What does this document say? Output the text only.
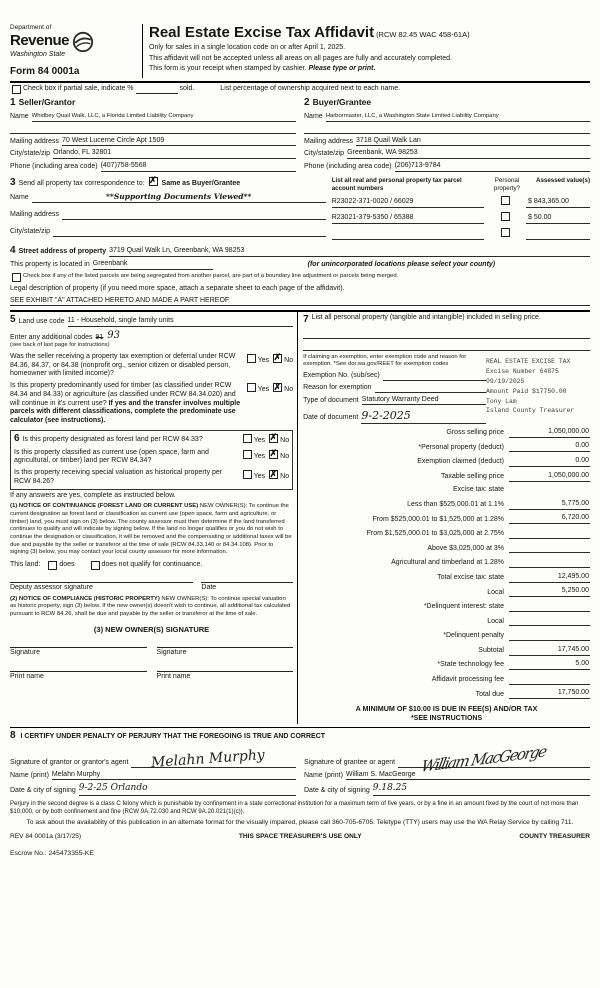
Department of
Revenue
Washington State
Form 84 0001a
Real Estate Excise Tax Affidavit (RCW 82.45 WAC 458-61A)
Only for sales in a single location code on or after April 1, 2025.
This affidavit will not be accepted unless all areas on all pages are fully and accurately completed.
This form is your receipt when stamped by cashier. Please type or print.
Check box if partial sale, indicate %	sold.	List percentage of ownership acquired next to each name.
1 Seller/Grantor
Name Whidbey Quail Walk, LLC, a Florida Limited Liability Company
Mailing address 70 West Lucerne Circle Apt 1509
City/state/zip Orlando, FL 32801
Phone (including area code) (407)758-5568
2 Buyer/Grantee
Name Harbormaster, LLC, a Washington State Limited Liability Company
Mailing address 3718 Quail Walk Lan
City/state/zip Greenbank, WA 98253
Phone (including area code) (206)713-9784
3 Send all property tax correspondence to: ✗ Same as Buyer/Grantee
Name	**Supporting Documents Viewed**
Mailing address
City/state/zip
List all real and personal property tax parcel account numbers
Personal property?
Assessed value(s)
R23022-371-0020 / 66029	$ 843,365.00
R23021-379-5350 / 65388	$ 50.00
4 Street address of property 3719 Quail Walk Ln, Greenbank, WA 98253
This property is located in Greenbank	(for unincorporated locations please select your county)
Check box if any of the listed parcels are being segregated from another parcel, are part of a boundary line adjustment or parcels being merged.
Legal description of property (if you need more space, attach a separate sheet to each page of the affidavit).
SEE EXHIBIT "A" ATTACHED HERETO AND MADE A PART HEREOF
5 Land use code 11 - Household, single family units
Enter any additional codes 91 93
(see back of last page for instructions)
Was the seller receiving a property tax exemption or deferral under RCW 84.36, 84.37, or 84.38 (nonprofit org., senior citizen or disabled person, homeowner with limited income)?
Yes ✗ No
Is this property predominantly used for timber (as classified under RCW 84.34 and 84.33) or agriculture (as classified under RCW 84.34.020) and will continue in it's current use? If yes and the transfer involves multiple parcels with different classifications, complete the predominate use calculator (see instructions).
Yes ✗ No
6 Is this property designated as forest land per RCW 84.33?	Yes ✗ No
Is this property classified as current use (open space, farm and agricultural, or timber) land per RCW 84.34?
Yes ✗ No
Is this property receiving special valuation as historical property per RCW 84.26?
Yes ✗ No
If any answers are yes, complete as instructed below.
(1) NOTICE OF CONTINUANCE (FOREST LAND OR CURRENT USE) NEW OWNER(S): To continue the current designation as forest land or classification as current use (open space, farm and agriculture, or timber) land, you must sign on (3) below. The county assessor must then determine if the land transferred continues to qualify and will indicate by signing below. If the land no longer qualifies or you do not wish to continue the designation or classification, it will be removed and the compensating or additional taxes will be due and payable by the seller or transferor at the time of sale (RCW 84.33.140 or 84.34.108). Prior to signing (3) below, you may contact your local county assessor for more information.
This land:	does	does not qualify for continuance.
Deputy assessor signature	Date
(2) NOTICE OF COMPLIANCE (HISTORIC PROPERTY) NEW OWNER(S): To continue special valuation as historic property, sign (3) below. If the new owner(s) doesn't wish to continue, all additional tax calculated pursuant to RCW 84.26, shall be due and payable by the seller or transferor at the time of sale.
(3) NEW OWNER(S) SIGNATURE
Signature	Signature
Print name	Print name
7 List all personal property (tangible and intangible) included in selling price.
If claiming an exemption, enter exemption code and reason for exemption. *See dor.wa.gov/REET for exemption codes
Exemption No. (sub/sec)
Reason for exemption
Type of document Statutory Warranty Deed
Date of document 9-2-2025
REAL ESTATE EXCISE TAX
Excise Number 64875
09/19/2025
Amount Paid $17750.00
Tony Lam
Island County Treasurer
Gross selling price	1,050,000.00
*Personal property (deduct)	0.00
Exemption claimed (deduct)	0.00
Taxable selling price	1,050,000.00
Excise tax: state
Less than $525,000.01 at 1.1%	5,775.00
From $525,000.01 to $1,525,000 at 1.28%	6,720.00
From $1,525,000.01 to $3,025,000 at 2.75%
Above $3,025,000 at 3%
Agricultural and timberland at 1.28%
Total excise tax: state	12,495.00
Local	5,250.00
*Delinquent interest: state
Local
*Delinquent penalty
Subtotal	17,745.00
*State technology fee	5.00
Affidavit processing fee
Total due	17,750.00
A MINIMUM OF $10.00 IS DUE IN FEE(S) AND/OR TAX
*SEE INSTRUCTIONS
8 I CERTIFY UNDER PENALTY OF PERJURY THAT THE FOREGOING IS TRUE AND CORRECT
Signature of grantor or grantor's agent Melahn Murphy
Name (print) Melahn Murphy
Date & city of signing 9-2-25 Orlando
Signature of grantee or agent William MacGeorge
Name (print) William S. MacGeorge
Date & city of signing 9.18.25
Perjury in the second degree is a class C felony which is punishable by confinement in a state correctional institution for a maximum term of five years, or by a fine in an amount fixed by the court of not more than $10,000, or by both confinement and fine (RCW 9A.72.030 and RCW 9A.20.021(1)(c)).
To ask about the availability of this publication in an alternate format for the visually impaired, please call 360-705-6705. Teletype (TTY) users may use the WA Relay Service by calling 711.
REV 84 0001a (3/17/25)	THIS SPACE TREASURER'S USE ONLY	COUNTY TREASURER
Escrow No.: 245473355-KE
